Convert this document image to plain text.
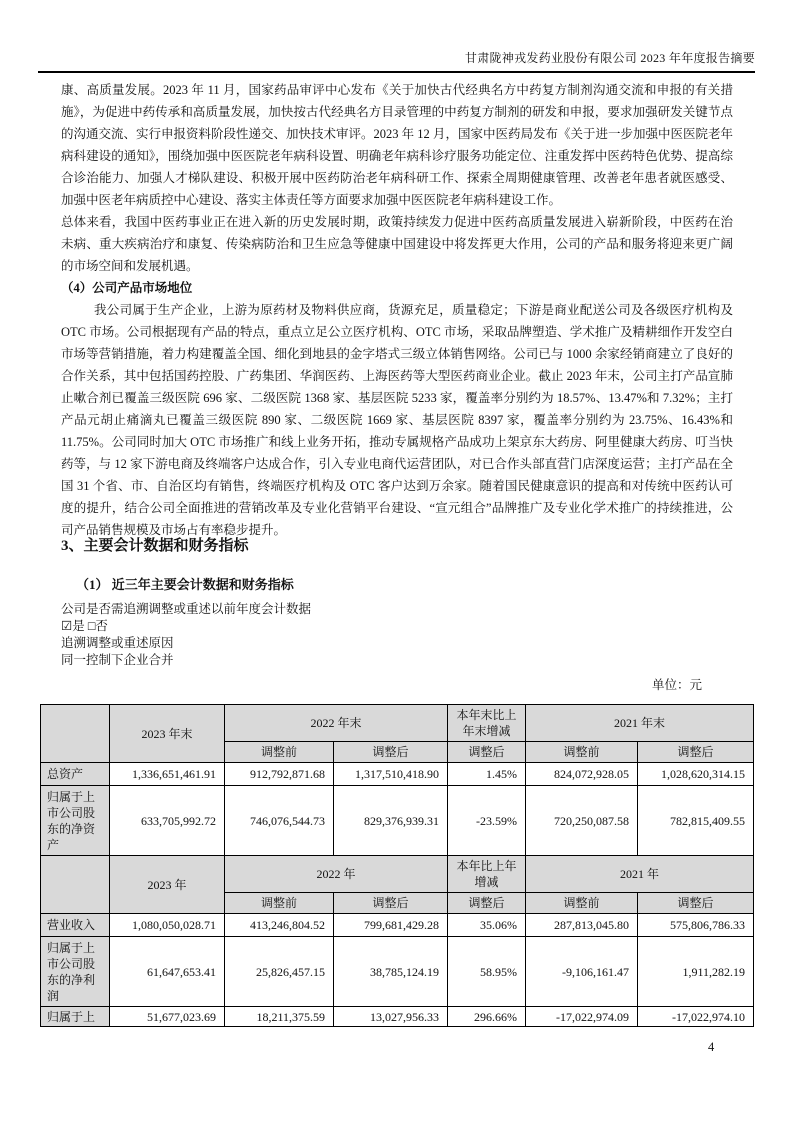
甘肃陇神戎发药业股份有限公司 2023 年年度报告摘要

康、高质量发展。2023 年 11 月，国家药品审评中心发布《关于加快古代经典名方中药复方制剂沟通交流和申报的有关措施》，为促进中药传承和高质量发展，加快按古代经典名方目录管理的中药复方制剂的研发和申报，要求加强研发关键节点的沟通交流、实行申报资料阶段性递交、加快技术审评。2023 年 12 月，国家中医药局发布《关于进一步加强中医医院老年病科建设的通知》，围绕加强中医医院老年病科设置、明确老年病科诊疗服务功能定位、注重发挥中医药特色优势、提高综合诊治能力、加强人才梯队建设、积极开展中医药防治老年病科研工作、探索全周期健康管理、改善老年患者就医感受、加强中医老年病质控中心建设、落实主体责任等方面要求加强中医医院老年病科建设工作。

总体来看，我国中医药事业正在进入新的历史发展时期，政策持续发力促进中医药高质量发展进入崭新阶段，中医药在治未病、重大疾病治疗和康复、传染病防治和卫生应急等健康中国建设中将发挥更大作用，公司的产品和服务将迎来更广阔的市场空间和发展机遇。

（4）公司产品市场地位

我公司属于生产企业，上游为原药材及物料供应商，货源充足，质量稳定；下游是商业配送公司及各级医疗机构及OTC 市场。公司根据现有产品的特点，重点立足公立医疗机构、OTC 市场，采取品牌塑造、学术推广及精耕细作开发空白市场等营销措施，着力构建覆盖全国、细化到地县的金字塔式三级立体销售网络。公司已与 1000 余家经销商建立了良好的合作关系，其中包括国药控股、广药集团、华润医药、上海医药等大型医药商业企业。截止 2023 年末，公司主打产品宣肺止嗽合剂已覆盖三级医院 696 家、二级医院 1368 家、基层医院 5233 家，覆盖率分别约为 18.57%、13.47%和 7.32%；主打产品元胡止痛滴丸已覆盖三级医院 890 家、二级医院 1669 家、基层医院 8397 家，覆盖率分别约为 23.75%、16.43%和 11.75%。公司同时加大 OTC 市场推广和线上业务开拓，推动专属规格产品成功上架京东大药房、阿里健康大药房、叮当快药等，与 12 家下游电商及终端客户达成合作，引入专业电商代运营团队，对已合作头部直营门店深度运营；主打产品在全国 31 个省、市、自治区均有销售，终端医疗机构及 OTC 客户达到万余家。随着国民健康意识的提高和对传统中医药认可度的提升，结合公司全面推进的营销改革及专业化营销平台建设、“宣元组合”品牌推广及专业化学术推广的持续推进，公司产品销售规模及市场占有率稳步提升。

3、主要会计数据和财务指标
（1） 近三年主要会计数据和财务指标
公司是否需追溯调整或重述以前年度会计数据
☑是 □否
追溯调整或重述原因
同一控制下企业合并
单位：元
	2023 年末	2022 年末		本年末比上年末增减	2021 年末	
		调整前	调整后	调整后	调整前	调整后
总资产	1,336,651,461.91	912,792,871.68	1,317,510,418.90	1.45%	824,072,928.05	1,028,620,314.15
归属于上市公司股东的净资产	633,705,992.72	746,076,544.73	829,376,939.31	-23.59%	720,250,087.58	782,815,409.55
	2023 年	2022 年		本年比上年增减	2021 年	
		调整前	调整后	调整后	调整前	调整后
营业收入	1,080,050,028.71	413,246,804.52	799,681,429.28	35.06%	287,813,045.80	575,806,786.33
归属于上市公司股东的净利润	61,647,653.41	25,826,457.15	38,785,124.19	58.95%	-9,106,161.47	1,911,282.19
归属于上	51,677,023.69	18,211,375.59	13,027,956.33	296.66%	-17,022,974.09	-17,022,974.10
4
